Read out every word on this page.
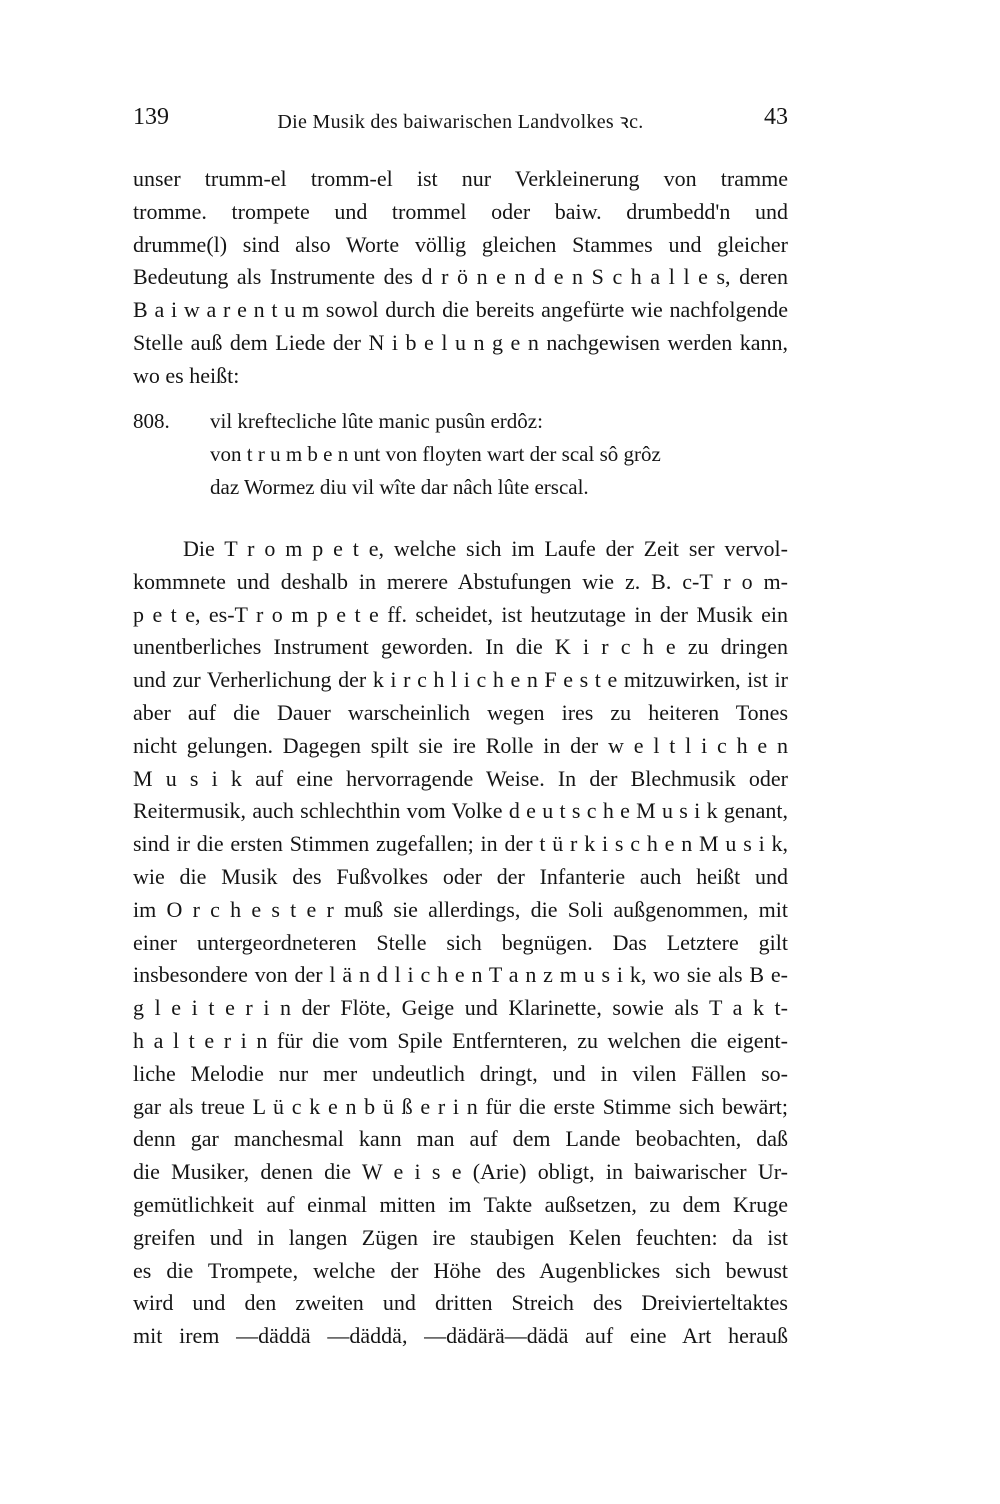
139	Die Musik des baiwarischen Landvolkes ꝛc.	43
unser trumm-el tromm-el ist nur Verkleinerung von tramme
tromme. trompete und trommel oder baiw. drumbedd'n und
drumme(l) sind also Worte völlig gleichen Stammes und gleicher
Bedeutung als Instrumente des d r ö n e n d e n S c h a l l e s, deren
B a i w a r e n t u m sowol durch die bereits angefürte wie nachfolgende
Stelle auß dem Liede der N i b e l u n g e n nachgewisen werden kann,
wo es heißt:
808. vil kreftecliche lûte manic pusûn erdôz:
von t r u m b e n unt von floyten wart der scal sô grôz
daz Wormez diu vil wîte dar nâch lûte erscal.
Die T r o m p e t e, welche sich im Laufe der Zeit ser vervol-
kommnete und deshalb in merere Abstufungen wie z. B. c-T r o m-
p e t e, es-T r o m p e t e ff. scheidet, ist heutzutage in der Musik ein
unentberliches Instrument geworden. In die K i r c h e zu dringen
und zur Verherlichung der k i r c h l i c h e n F e s t e mitzuwirken, ist ir
aber auf die Dauer warscheinlich wegen ires zu heiteren Tones
nicht gelungen. Dagegen spilt sie ire Rolle in der w e l t l i c h e n
M u s i k auf eine hervorragende Weise. In der Blechmusik oder
Reitermusik, auch schlechthin vom Volke d e u t s c h e M u s i k genant,
sind ir die ersten Stimmen zugefallen; in der t ü r k i s c h e n M u s i k,
wie die Musik des Fußvolkes oder der Infanterie auch heißt und
im O r c h e s t e r muß sie allerdings, die Soli außgenommen, mit
einer untergeordneteren Stelle sich begnügen. Das Letztere gilt
insbesondere von der l ä n d l i c h e n T a n z m u s i k, wo sie als B e-
g l e i t e r i n der Flöte, Geige und Klarinette, sowie als T a k t-
h a l t e r i n für die vom Spile Entfernteren, zu welchen die eigent-
liche Melodie nur mer undeutlich dringt, und in vilen Fällen so-
gar als treue L ü c k e n b ü ß e r i n für die erste Stimme sich bewärt;
denn gar manchesmal kann man auf dem Lande beobachten, daß
die Musiker, denen die W e i s e (Arie) obligt, in baiwarischer Ur-
gemütlichkeit auf einmal mitten im Takte außsetzen, zu dem Kruge
greifen und in langen Zügen ire staubigen Kelen feuchten: da ist
es die Trompete, welche der Höhe des Augenblickes sich bewust
wird und den zweiten und dritten Streich des Dreivierteltaktes
mit irem —däddä —däddä, —dädärä—dädä auf eine Art herauß
